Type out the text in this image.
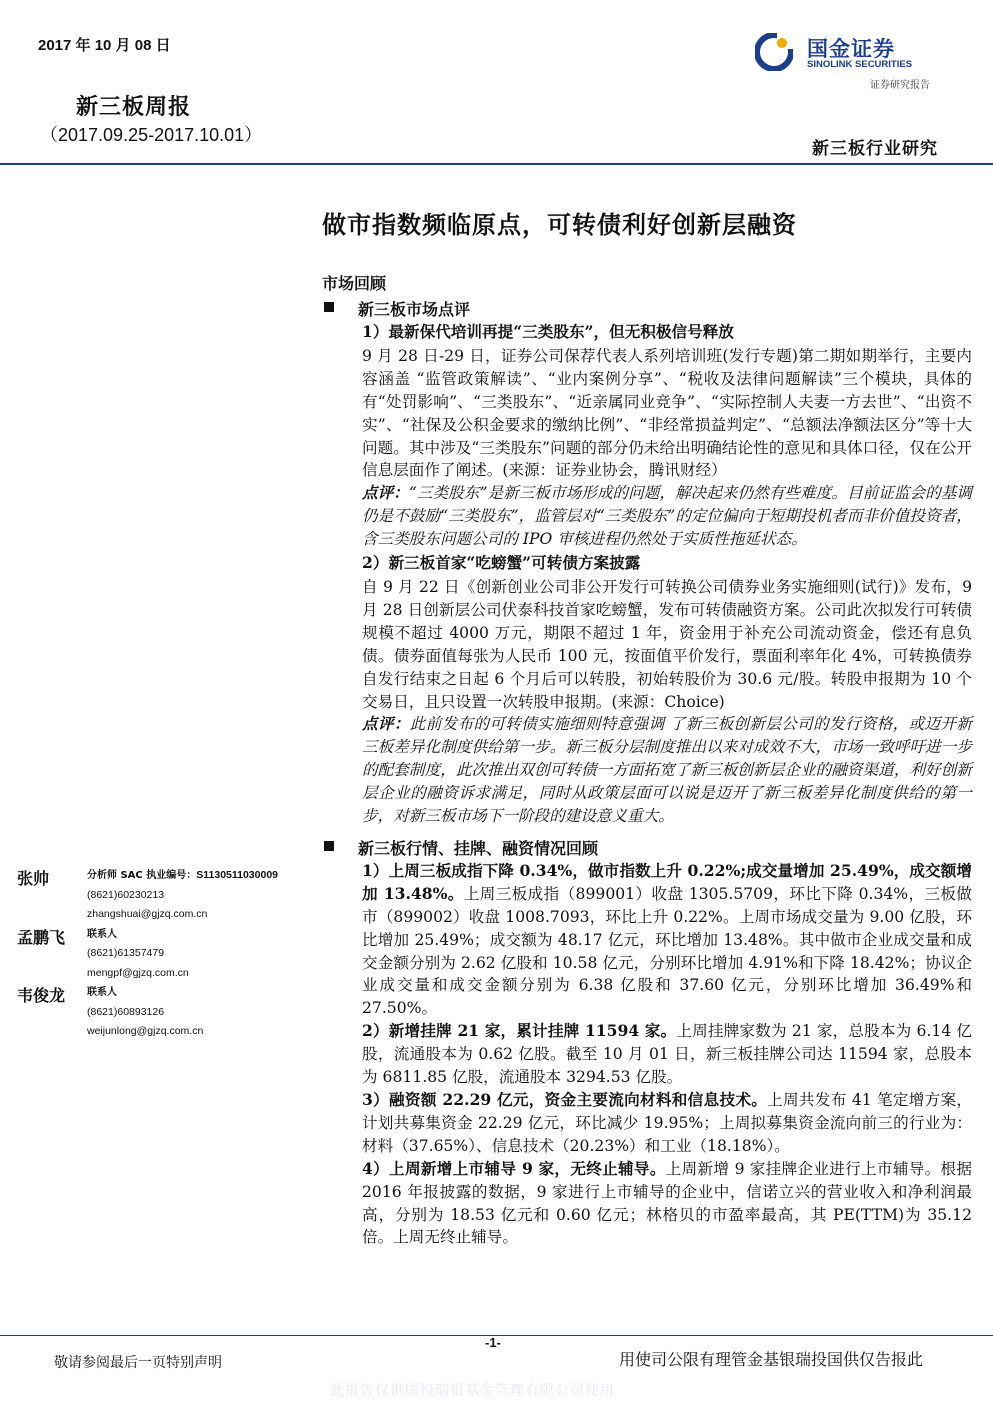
2017 年 10 月 08 日
新三板周报
（2017.09.25-2017.10.01）
国金证券
SINOLINK SECURITIES
证券研究报告
新三板行业研究
做市指数频临原点，可转债利好创新层融资
市场回顾
新三板市场点评
1）最新保代培训再提“三类股东”，但无积极信号释放

9 月 28 日-29 日，证券公司保荐代表人系列培训班(发行专题)第二期如期举行，主要内容涵盖 “监管政策解读”、“业内案例分享”、“税收及法律问题解读”三个模块，具体的有“处罚影响”、“三类股东”、“近亲属同业竞争”、“实际控制人夫妻一方去世”、“出资不实”、“社保及公积金要求的缴纳比例”、“非经常损益判定”、“总额法净额法区分”等十大问题。其中涉及“三类股东”问题的部分仍未给出明确结论性的意见和具体口径，仅在公开信息层面作了阐述。(来源：证券业协会，腾讯财经）

点评：“三类股东”是新三板市场形成的问题，解决起来仍然有些难度。目前证监会的基调仍是不鼓励“三类股东”，监管层对“三类股东”的定位偏向于短期投机者而非价值投资者，含三类股东问题公司的 IPO 审核进程仍然处于实质性拖延状态。

2）新三板首家“吃螃蟹”可转债方案披露

自 9 月 22 日《创新创业公司非公开发行可转换公司债券业务实施细则(试行)》发布，9 月 28 日创新层公司伏泰科技首家吃螃蟹，发布可转债融资方案。公司此次拟发行可转债规模不超过 4000 万元，期限不超过 1 年，资金用于补充公司流动资金，偿还有息负债。债券面值每张为人民币 100 元，按面值平价发行，票面利率年化 4%，可转换债券自发行结束之日起 6 个月后可以转股，初始转股价为 30.6 元/股。转股申报期为 10 个交易日，且只设置一次转股申报期。(来源：Choice)

点评：此前发布的可转债实施细则特意强调 了新三板创新层公司的发行资格，或迈开新三板差异化制度供给第一步。新三板分层制度推出以来对成效不大，市场一致呼吁进一步的配套制度，此次推出双创可转债一方面拓宽了新三板创新层企业的融资渠道，利好创新层企业的融资诉求满足，同时从政策层面可以说是迈开了新三板差异化制度供给的第一步，对新三板市场下一阶段的建设意义重大。

新三板行情、挂牌、融资情况回顾

1）上周三板成指下降 0.34%，做市指数上升 0.22%;成交量增加 25.49%，成交额增加 13.48%。上周三板成指（899001）收盘 1305.5709，环比下降 0.34%，三板做市（899002）收盘 1008.7093，环比上升 0.22%。上周市场成交量为 9.00 亿股，环比增加 25.49%；成交额为 48.17 亿元，环比增加 13.48%。其中做市企业成交量和成交金额分别为 2.62 亿股和 10.58 亿元，分别环比增加 4.91%和下降 18.42%；协议企业成交量和成交金额分别为 6.38 亿股和 37.60 亿元，分别环比增加 36.49%和 27.50%。

2）新增挂牌 21 家，累计挂牌 11594 家。上周挂牌家数为 21 家，总股本为 6.14 亿股，流通股本为 0.62 亿股。截至 10 月 01 日，新三板挂牌公司达 11594 家，总股本为 6811.85 亿股，流通股本 3294.53 亿股。

3）融资额 22.29 亿元，资金主要流向材料和信息技术。上周共发布 41 笔定增方案，计划共募集资金 22.29 亿元，环比减少 19.95%；上周拟募集资金流向前三的行业为：材料（37.65%）、信息技术（20.23%）和工业（18.18%）。

4）上周新增上市辅导 9 家，无终止辅导。上周新增 9 家挂牌企业进行上市辅导。根据 2016 年报披露的数据，9 家进行上市辅导的企业中，信诺立兴的营业收入和净利润最高，分别为 18.53 亿元和 0.60 亿元；林格贝的市盈率最高，其 PE(TTM)为 35.12 倍。上周无终止辅导。

张帅	分析师 SAC 执业编号：S1130511030009
(8621)60230213
zhangshuai@gjzq.com.cn
孟鹏飞 联系人
(8621)61357479
mengpf@gjzq.com.cn
韦俊龙 联系人
(8621)60893126
weijunlong@gjzq.com.cn
-1-
敬请参阅最后一页特别声明	用使司公限有理管金基银瑞投国供仅告报此
此报告仅供国投瑞银基金管理有限公司使用
